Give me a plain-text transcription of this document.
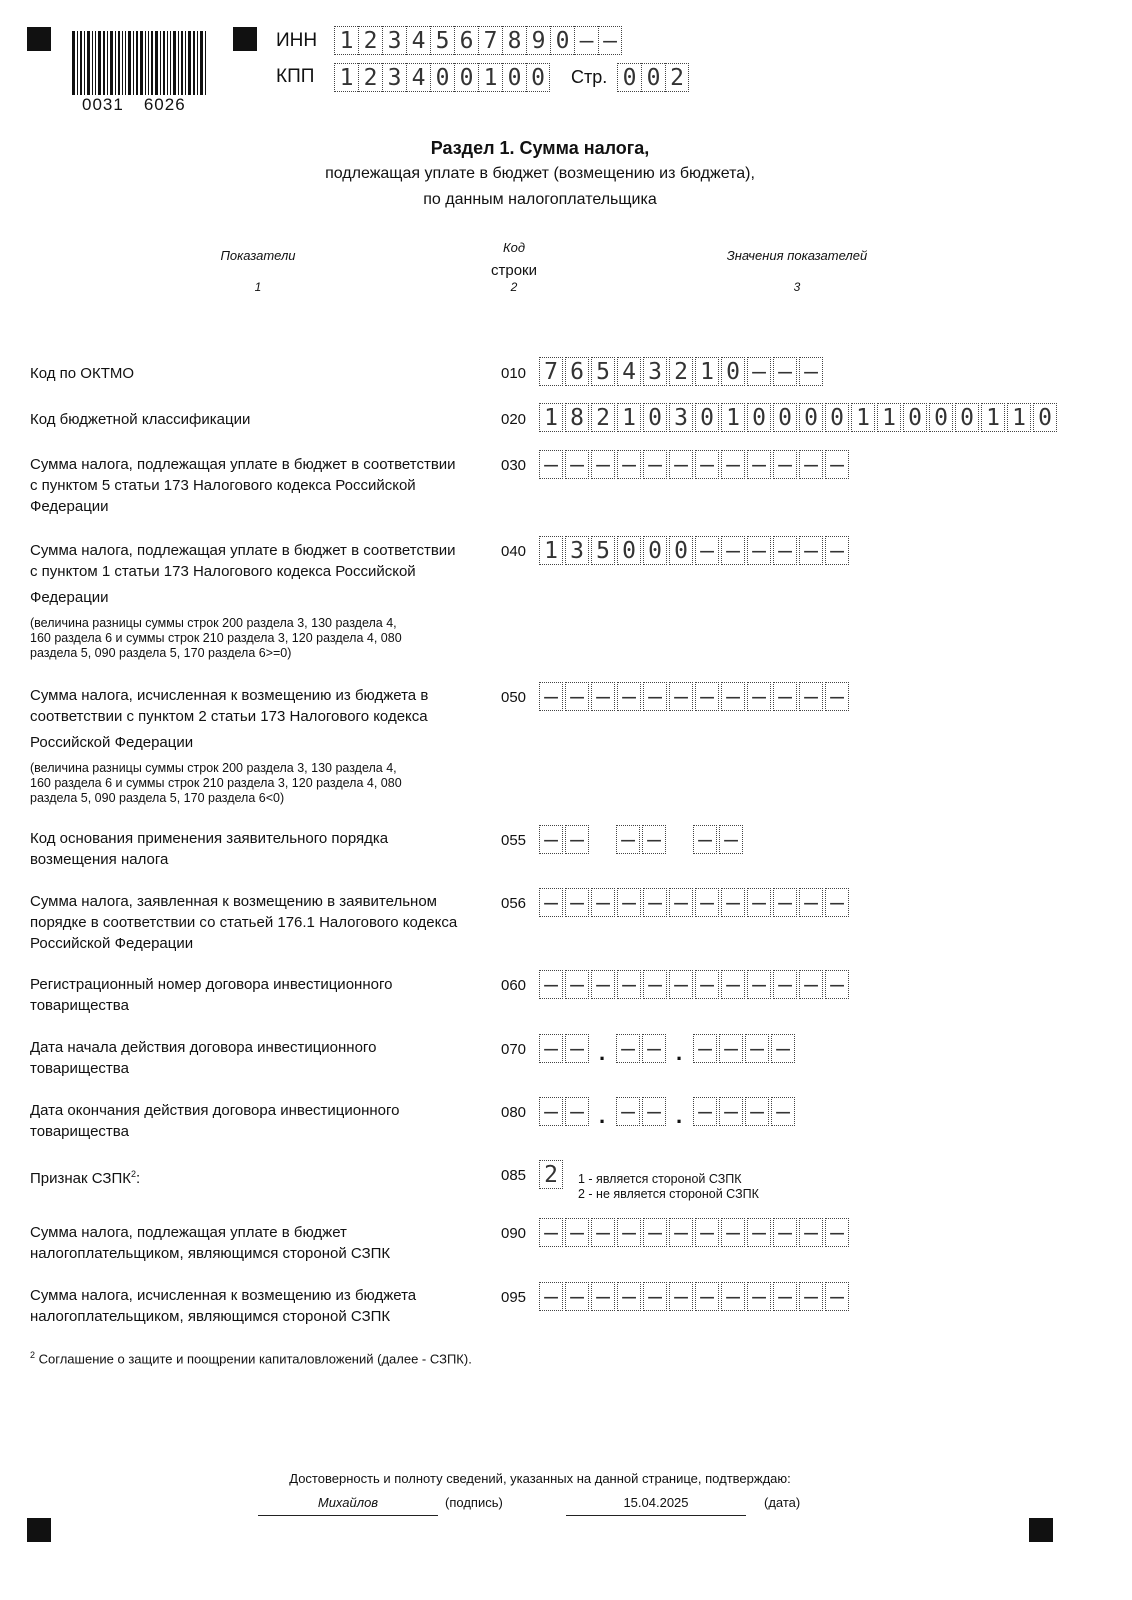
0031 6026
ИНН 1 2 3 4 5 6 7 8 9 0 – –
КПП 1 2 3 4 0 0 1 0 0 Стр. 0 0 2
Раздел 1. Сумма налога,
подлежащая уплате в бюджет (возмещению из бюджета),
по данным налогоплательщика
Показатели
Код
строки
Значения показателей
1	2	3
Код по ОКТМО	010 7 6 5 4 3 2 1 0 – – –
Код бюджетной классификации	020 1 8 2 1 0 3 0 1 0 0 0 0 1 1 0 0 0 1 1 0
Сумма налога, подлежащая уплате в бюджет в соответствии
с пунктом 5 статьи 173 Налогового кодекса Российской
Федерации
030 – – – – – – – – – – – –
Сумма налога, подлежащая уплате в бюджет в соответствии
с пунктом 1 статьи 173 Налогового кодекса Российской
Федерации
(величина разницы суммы строк 200 раздела 3, 130 раздела 4,
160 раздела 6 и суммы строк 210 раздела 3, 120 раздела 4, 080
раздела 5, 090 раздела 5, 170 раздела 6>=0)
040 1 3 5 0 0 0 – – – – – –
Сумма налога, исчисленная к возмещению из бюджета в
соответствии с пунктом 2 статьи 173 Налогового кодекса
Российской Федерации
(величина разницы суммы строк 200 раздела 3, 130 раздела 4,
160 раздела 6 и суммы строк 210 раздела 3, 120 раздела 4, 080
раздела 5, 090 раздела 5, 170 раздела 6<0)
050 – – – – – – – – – – – –
Код основания применения заявительного порядка
возмещения налога
055 – – – – – –
Сумма налога, заявленная к возмещению в заявительном
порядке в соответствии со статьей 176.1 Налогового кодекса
Российской Федерации
056 – – – – – – – – – – – –
Регистрационный номер договора инвестиционного
товарищества
060 – – – – – – – – – – – –
Дата начала действия договора инвестиционного
товарищества
070 – – . – – . – – – –
Дата окончания действия договора инвестиционного
товарищества
080 – – . – – . – – – –
Признак СЗПК$^2$:	085 2	1 - является стороной СЗПК
2 - не является стороной СЗПК
Сумма налога, подлежащая уплате в бюджет
налогоплательщиком, являющимся стороной СЗПК
090 – – – – – – – – – – – –
Сумма налога, исчисленная к возмещению из бюджета
налогоплательщиком, являющимся стороной СЗПК
095 – – – – – – – – – – – –
$^2$ Соглашение о защите и поощрении капиталовложений (далее - СЗПК).
Достоверность и полноту сведений, указанных на данной странице, подтверждаю:
Михайлов	(подпись)	15.04.2025	(дата)
